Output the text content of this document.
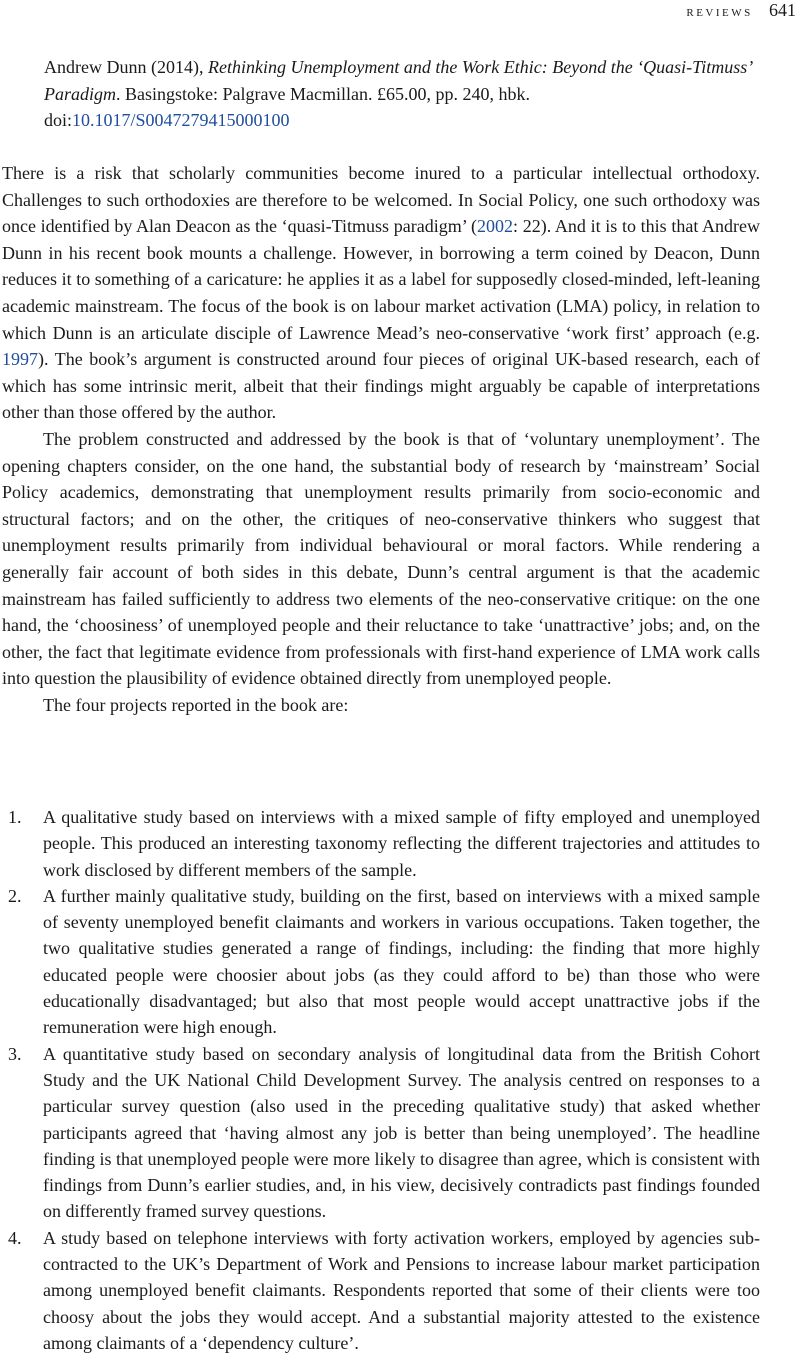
reviews 641
Andrew Dunn (2014), Rethinking Unemployment and the Work Ethic: Beyond the ‘Quasi-Titmuss’ Paradigm. Basingstoke: Palgrave Macmillan. £65.00, pp. 240, hbk.
doi:10.1017/S0047279415000100

There is a risk that scholarly communities become inured to a particular intellectual orthodoxy. Challenges to such orthodoxies are therefore to be welcomed. In Social Policy, one such orthodoxy was once identified by Alan Deacon as the ‘quasi-Titmuss paradigm’ (2002: 22). And it is to this that Andrew Dunn in his recent book mounts a challenge. However, in borrowing a term coined by Deacon, Dunn reduces it to something of a caricature: he applies it as a label for supposedly closed-minded, left-leaning academic mainstream. The focus of the book is on labour market activation (LMA) policy, in relation to which Dunn is an articulate disciple of Lawrence Mead’s neo-conservative ‘work first’ approach (e.g. 1997). The book’s argument is constructed around four pieces of original UK-based research, each of which has some intrinsic merit, albeit that their findings might arguably be capable of interpretations other than those offered by the author.

The problem constructed and addressed by the book is that of ‘voluntary unemployment’. The opening chapters consider, on the one hand, the substantial body of research by ‘mainstream’ Social Policy academics, demonstrating that unemployment results primarily from socio-economic and structural factors; and on the other, the critiques of neo-conservative thinkers who suggest that unemployment results primarily from individual behavioural or moral factors. While rendering a generally fair account of both sides in this debate, Dunn’s central argument is that the academic mainstream has failed sufficiently to address two elements of the neo-conservative critique: on the one hand, the ‘choosiness’ of unemployed people and their reluctance to take ‘unattractive’ jobs; and, on the other, the fact that legitimate evidence from professionals with first-hand experience of LMA work calls into question the plausibility of evidence obtained directly from unemployed people.

The four projects reported in the book are:

1. A qualitative study based on interviews with a mixed sample of fifty employed and unemployed people. This produced an interesting taxonomy reflecting the different trajectories and attitudes to work disclosed by different members of the sample.
2. A further mainly qualitative study, building on the first, based on interviews with a mixed sample of seventy unemployed benefit claimants and workers in various occupations. Taken together, the two qualitative studies generated a range of findings, including: the finding that more highly educated people were choosier about jobs (as they could afford to be) than those who were educationally disadvantaged; but also that most people would accept unattractive jobs if the remuneration were high enough.
3. A quantitative study based on secondary analysis of longitudinal data from the British Cohort Study and the UK National Child Development Survey. The analysis centred on responses to a particular survey question (also used in the preceding qualitative study) that asked whether participants agreed that ‘having almost any job is better than being unemployed’. The headline finding is that unemployed people were more likely to disagree than agree, which is consistent with findings from Dunn’s earlier studies, and, in his view, decisively contradicts past findings founded on differently framed survey questions.
4. A study based on telephone interviews with forty activation workers, employed by agencies sub-contracted to the UK’s Department of Work and Pensions to increase labour market participation among unemployed benefit claimants. Respondents reported that some of their clients were too choosy about the jobs they would accept. And a substantial majority attested to the existence among claimants of a ‘dependency culture’.
